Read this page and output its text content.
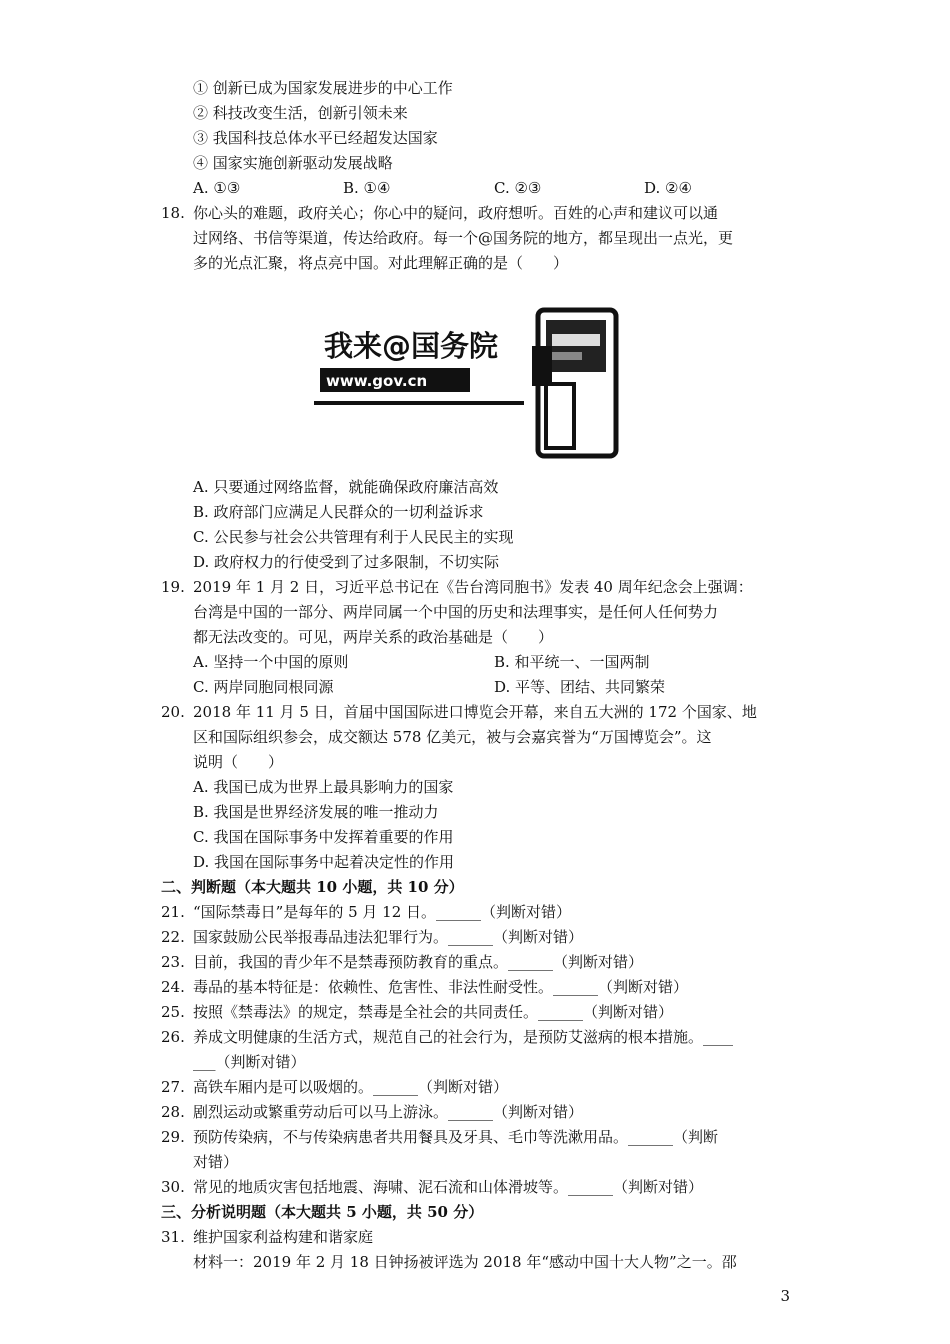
① 创新已成为国家发展进步的中心工作
② 科技改变生活，创新引领未来
③ 我国科技总体水平已经超发达国家
④ 国家实施创新驱动发展战略
A. ①③	B. ①④	C. ②③	D. ②④
18. 你心头的难题，政府关心；你心中的疑问，政府想听。百姓的心声和建议可以通
过网络、书信等渠道，传达给政府。每一个@国务院的地方，都呈现出一点光，更
多的光点汇聚，将点亮中国。对此理解正确的是（　　）
我来@国务院
www.gov.cn
A. 只要通过网络监督，就能确保政府廉洁高效
B. 政府部门应满足人民群众的一切利益诉求
C. 公民参与社会公共管理有利于人民民主的实现
D. 政府权力的行使受到了过多限制，不切实际
19. 2019 年 1 月 2 日，习近平总书记在《告台湾同胞书》发表 40 周年纪念会上强调：
台湾是中国的一部分、两岸同属一个中国的历史和法理事实，是任何人任何势力
都无法改变的。可见，两岸关系的政治基础是（　　）
A. 坚持一个中国的原则	B. 和平统一、一国两制
C. 两岸同胞同根同源	D. 平等、团结、共同繁荣
20. 2018 年 11 月 5 日，首届中国国际进口博览会开幕，来自五大洲的 172 个国家、地
区和国际组织参会，成交额达 578 亿美元，被与会嘉宾誉为“万国博览会”。这
说明（　　）
A. 我国已成为世界上最具影响力的国家
B. 我国是世界经济发展的唯一推动力
C. 我国在国际事务中发挥着重要的作用
D. 我国在国际事务中起着决定性的作用
二、判断题（本大题共 10 小题，共 10 分）
21. “国际禁毒日”是每年的 5 月 12 日。______（判断对错）
22. 国家鼓励公民举报毒品违法犯罪行为。______（判断对错）
23. 目前，我国的青少年不是禁毒预防教育的重点。______（判断对错）
24. 毒品的基本特征是：依赖性、危害性、非法性耐受性。______（判断对错）
25. 按照《禁毒法》的规定，禁毒是全社会的共同责任。______（判断对错）
26. 养成文明健康的生活方式，规范自己的社会行为，是预防艾滋病的根本措施。____
___（判断对错）
27. 高铁车厢内是可以吸烟的。______（判断对错）
28. 剧烈运动或繁重劳动后可以马上游泳。______（判断对错）
29. 预防传染病，不与传染病患者共用餐具及牙具、毛巾等洗漱用品。______（判断
对错）
30. 常见的地质灾害包括地震、海啸、泥石流和山体滑坡等。______（判断对错）
三、分析说明题（本大题共 5 小题，共 50 分）
31. 维护国家利益构建和谐家庭
材料一：2019 年 2 月 18 日钟扬被评选为 2018 年“感动中国十大人物”之一。邵
3
